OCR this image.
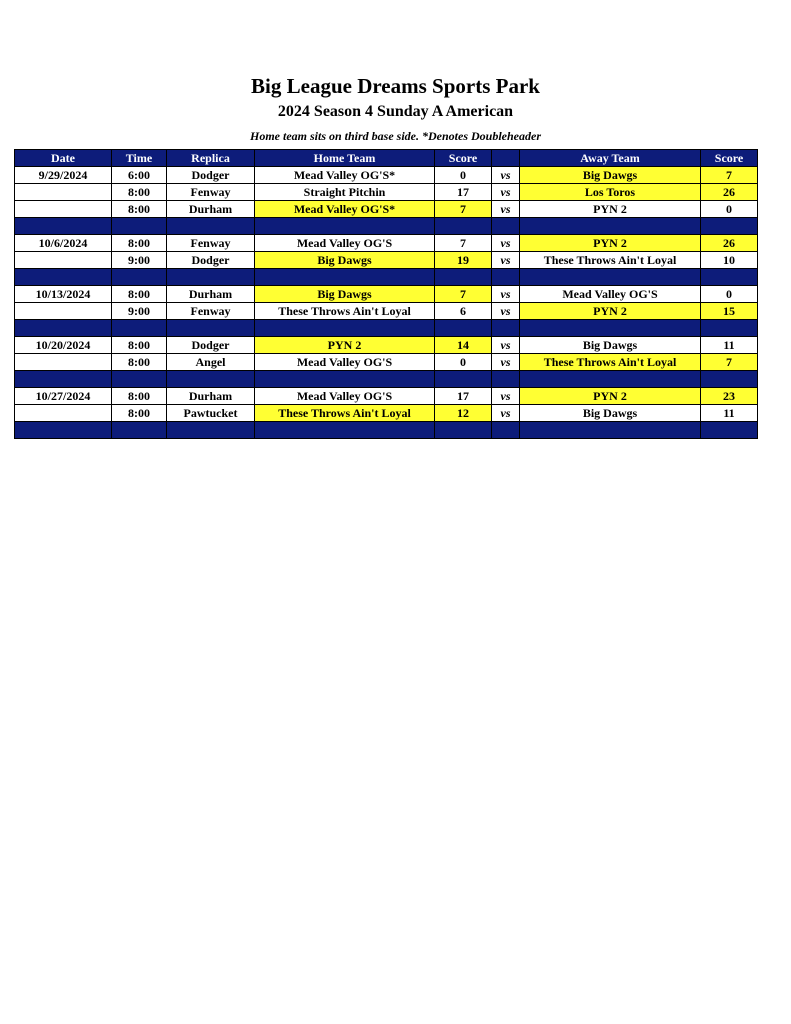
Big League Dreams Sports Park
2024 Season 4 Sunday A American
Home team sits on third base side. *Denotes Doubleheader
Date	Time	Replica	Home Team	Score		Away Team	Score
9/29/2024	6:00	Dodger	Mead Valley OG'S*	0	vs	Big Dawgs	7
	8:00	Fenway	Straight Pitchin	17	vs	Los Toros	26
	8:00	Durham	Mead Valley OG'S*	7	vs	PYN 2	0

10/6/2024	8:00	Fenway	Mead Valley OG'S	7	vs	PYN 2	26
	9:00	Dodger	Big Dawgs	19	vs	These Throws Ain't Loyal	10

10/13/2024	8:00	Durham	Big Dawgs	7	vs	Mead Valley OG'S	0
	9:00	Fenway	These Throws Ain't Loyal	6	vs	PYN 2	15

10/20/2024	8:00	Dodger	PYN 2	14	vs	Big Dawgs	11
	8:00	Angel	Mead Valley OG'S	0	vs	These Throws Ain't Loyal	7

10/27/2024	8:00	Durham	Mead Valley OG'S	17	vs	PYN 2	23
	8:00	Pawtucket	These Throws Ain't Loyal	12	vs	Big Dawgs	11
